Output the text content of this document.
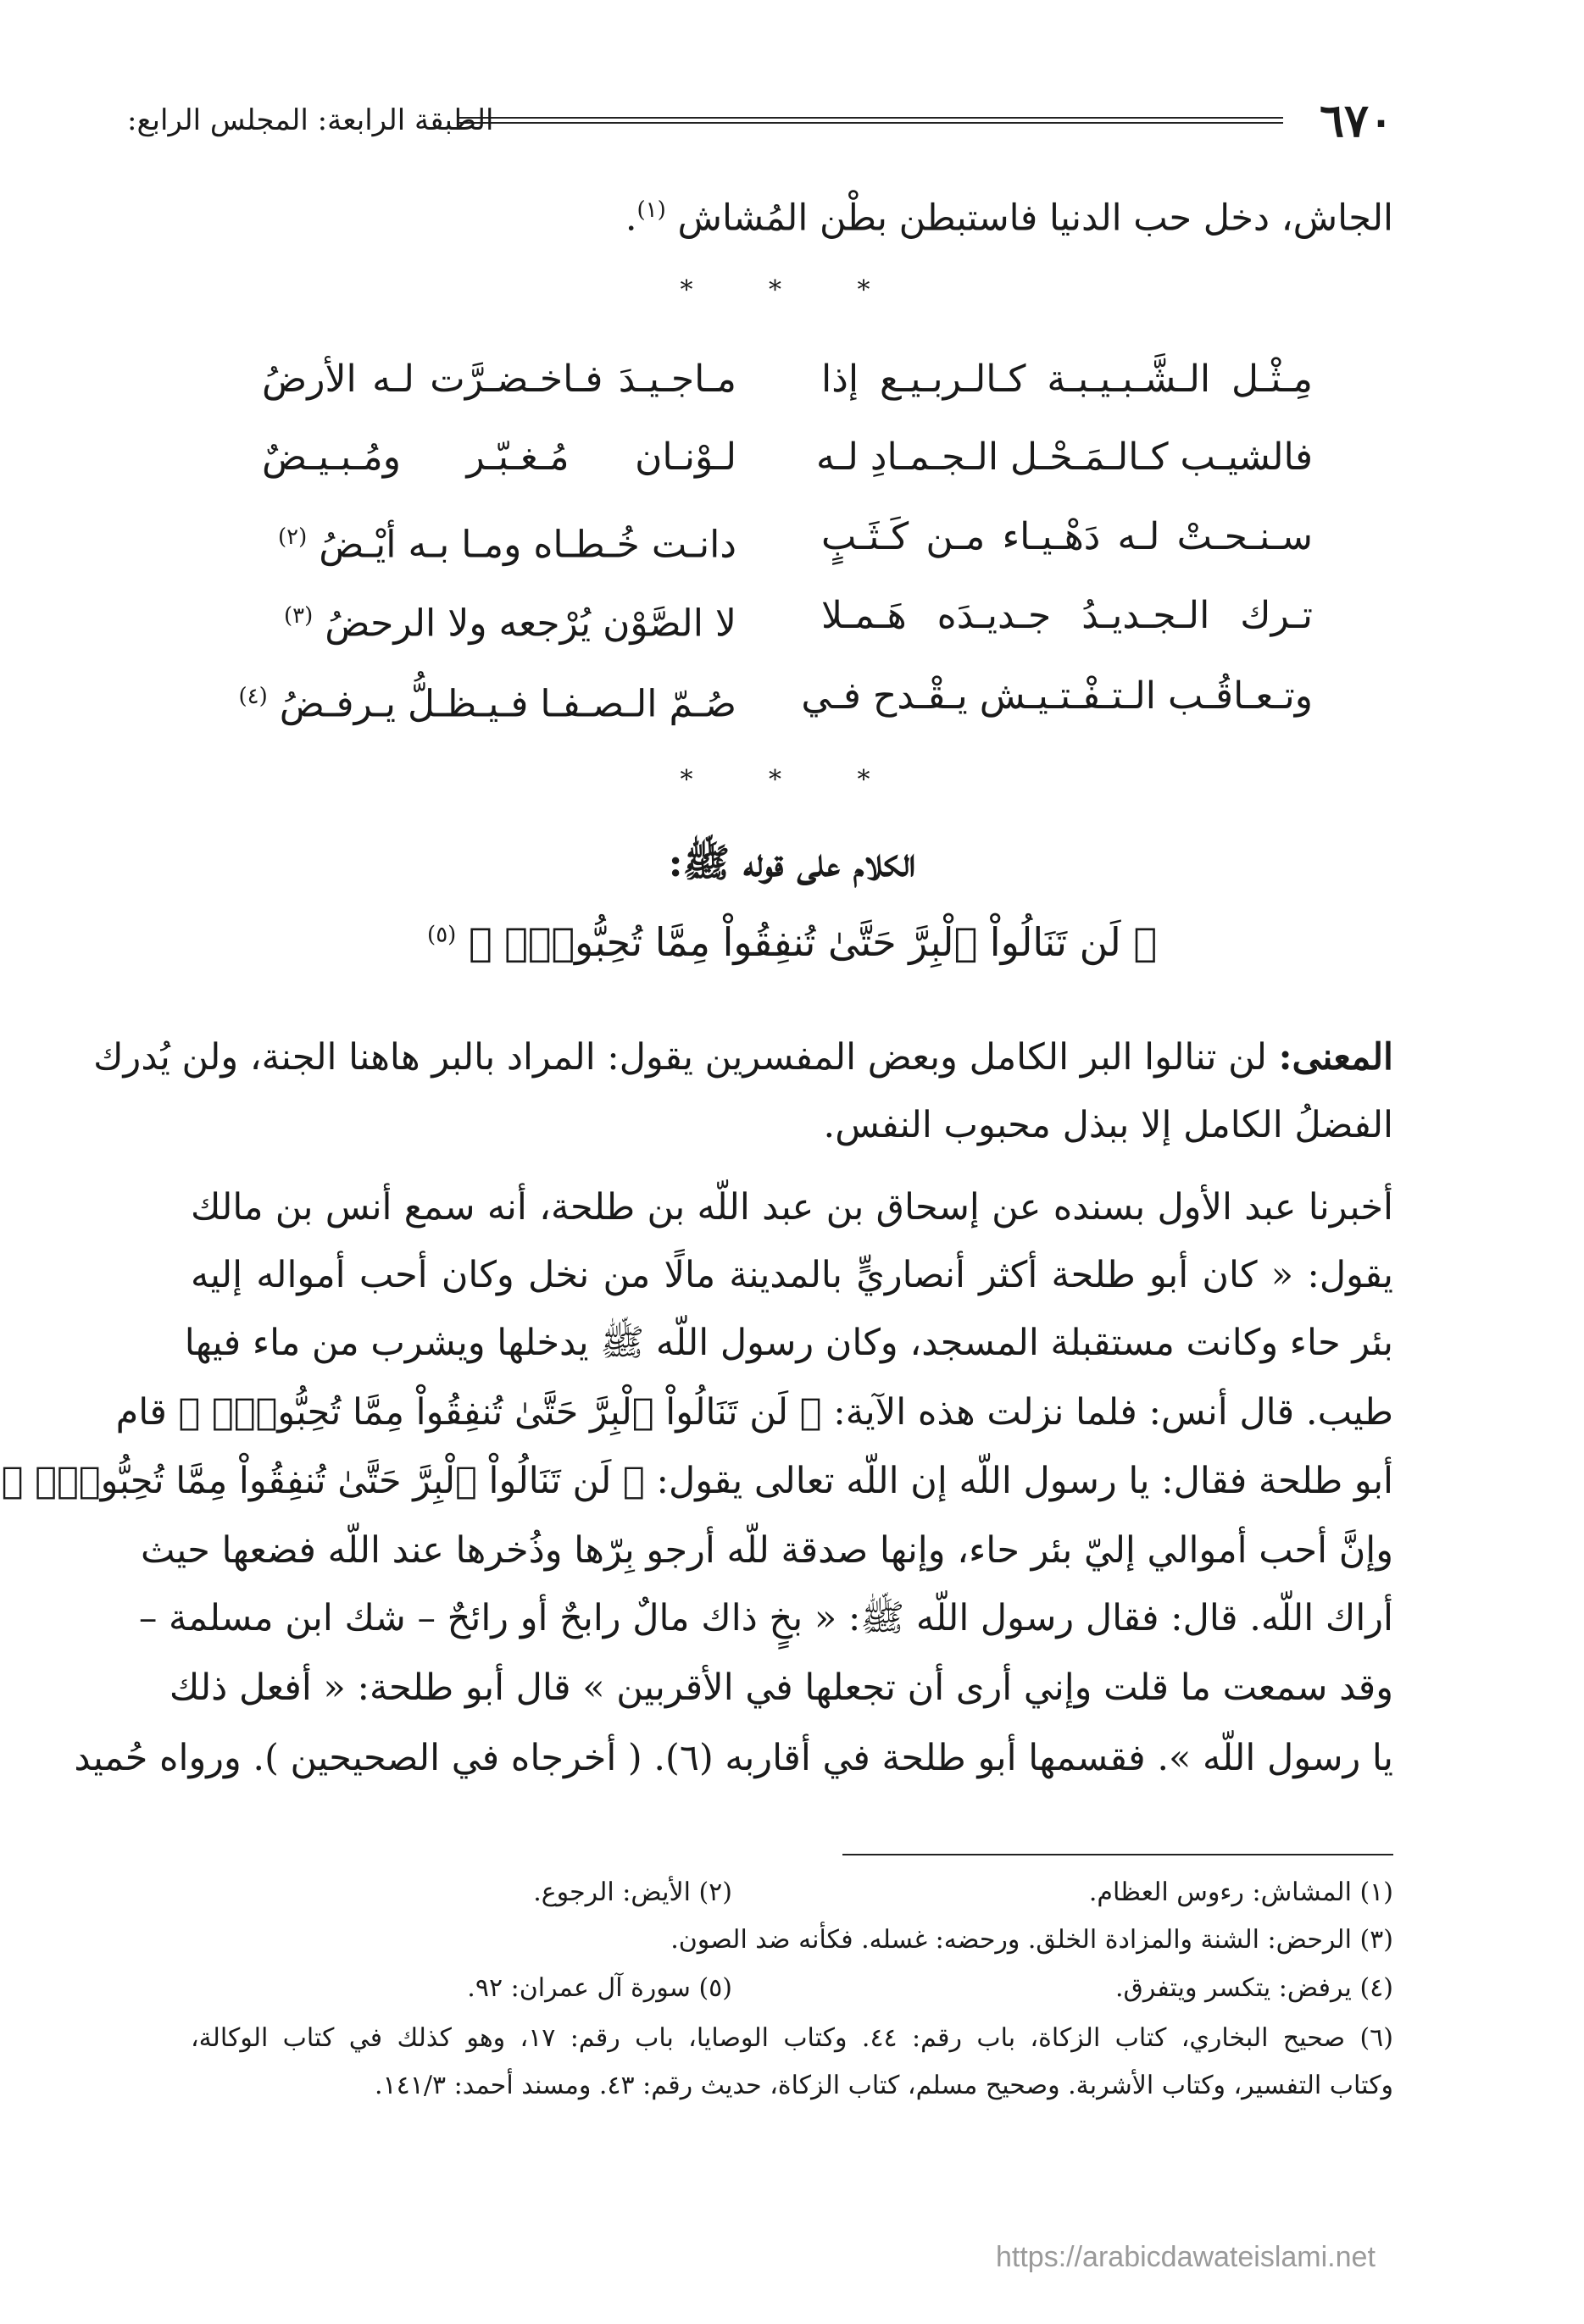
٦٧٠
الطبقة الرابعة: المجلس الرابع:
الجاش، دخل حب الدنيا فاستبطن بطْن المُشاش $^{(١)}$.
* * *
مِـثْـل الـشَّـبـيـبـة كـالـربـيـع إذا
مـاجـيـدَ فـاخـضـرَّت لـه الأرضُ
فالشيـب كـالـمَـحْـل الـجـمـادِ لـه
لـوْنـان مُـغـبّـر ومُـبـيـضٌ
سـنـحـتْ لـه دَهْـيـاء مـن كَـثَـبٍ
دانـت خُـطـاه ومـا بـه أيْـضُ $^{(٢)}$
تـرك الـجـديـدُ جـديـدَه هَـمـلا
لا الصَّوْن يُرْجعه ولا الرحضُ $^{(٣)}$
وتـعـاقُـب الـتـفْـتـيـش يـقْـدح فـي
صُـمّ الـصـفـا فـيـظـلُّ يـرفـضُ $^{(٤)}$
* * *
الكلام على قوله ﷺ:
﴿ لَن تَنَالُواْ ٱلْبِرَّ حَتَّىٰ تُنفِقُواْ مِمَّا تُحِبُّونَۚ ﴾ $^{(٥)}$
المعنى: لن تنالوا البر الكامل وبعض المفسرين يقول: المراد بالبر هاهنا الجنة، ولن يُدرك
الفضلُ الكامل إلا ببذل محبوب النفس.
أخبرنا عبد الأول بسنده عن إسحاق بن عبد اللّه بن طلحة، أنه سمع أنس بن مالك
يقول: « كان أبو طلحة أكثر أنصاريٍّ بالمدينة مالًا من نخل وكان أحب أمواله إليه
بئر حاء وكانت مستقبلة المسجد، وكان رسول اللّه ﷺ يدخلها ويشرب من ماء فيها
طيب. قال أنس: فلما نزلت هذه الآية: ﴿ لَن تَنَالُواْ ٱلْبِرَّ حَتَّىٰ تُنفِقُواْ مِمَّا تُحِبُّونَۚ ﴾ قام
أبو طلحة فقال: يا رسول اللّه إن اللّه تعالى يقول: ﴿ لَن تَنَالُواْ ٱلْبِرَّ حَتَّىٰ تُنفِقُواْ مِمَّا تُحِبُّونَۚ ﴾
وإنَّ أحب أموالي إليّ بئر حاء، وإنها صدقة للّه أرجو بِرّها وذُخرها عند اللّه فضعها حيث
أراك اللّه. قال: فقال رسول اللّه ﷺ: « بخٍ ذاك مالٌ رابحٌ أو رائحٌ – شك ابن مسلمة –
وقد سمعت ما قلت وإني أرى أن تجعلها في الأقربين » قال أبو طلحة: « أفعل ذلك
يا رسول اللّه ». فقسمها أبو طلحة في أقاربه (٦). ( أخرجاه في الصحيحين ). ورواه حُميد
(١) المشاش: رءوس العظام.
(٢) الأيض: الرجوع.
(٣) الرحض: الشنة والمزادة الخلق. ورحضه: غسله. فكأنه ضد الصون.
(٤) يرفض: يتكسر ويتفرق.
(٥) سورة آل عمران: ٩٢.
(٦) صحيح البخاري، كتاب الزكاة، باب رقم: ٤٤. وكتاب الوصايا، باب رقم: ١٧، وهو كذلك في كتاب الوكالة،
وكتاب التفسير، وكتاب الأشربة. وصحيح مسلم، كتاب الزكاة، حديث رقم: ٤٣. ومسند أحمد: ١٤١/٣.
https://arabicdawateislami.net
